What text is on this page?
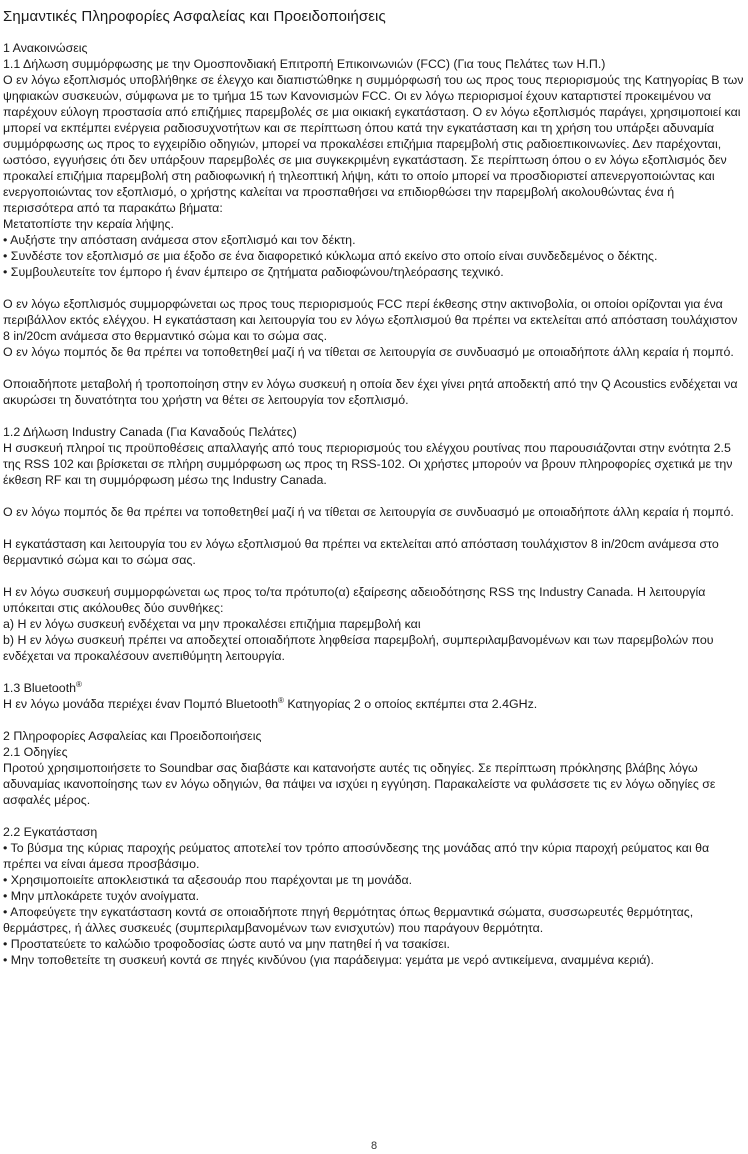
Σημαντικές Πληροφορίες Ασφαλείας και Προειδοποιήσεις
1 Ανακοινώσεις
1.1 Δήλωση συμμόρφωσης με την Ομοσπονδιακή Επιτροπή Επικοινωνιών (FCC) (Για τους Πελάτες των Η.Π.)
Ο εν λόγω εξοπλισμός υποβλήθηκε σε έλεγχο και διαπιστώθηκε η συμμόρφωσή του ως προς τους περιορισμούς της Κατηγορίας Β των ψηφιακών συσκευών, σύμφωνα με το τμήμα 15 των Κανονισμών FCC. Οι εν λόγω περιορισμοί έχουν καταρτιστεί προκειμένου να παρέχουν εύλογη προστασία από επιζήμιες παρεμβολές σε μια οικιακή εγκατάσταση. Ο εν λόγω εξοπλισμός παράγει, χρησιμοποιεί και μπορεί να εκπέμπει ενέργεια ραδιοσυχνοτήτων και σε περίπτωση όπου κατά την εγκατάσταση και τη χρήση του υπάρξει αδυναμία συμμόρφωσης ως προς το εγχειρίδιο οδηγιών, μπορεί να προκαλέσει επιζήμια παρεμβολή στις ραδιοεπικοινωνίες. Δεν παρέχονται, ωστόσο, εγγυήσεις ότι δεν υπάρξουν παρεμβολές σε μια συγκεκριμένη εγκατάσταση. Σε περίπτωση όπου ο εν λόγω εξοπλισμός δεν προκαλεί επιζήμια παρεμβολή στη ραδιοφωνική ή τηλεοπτική λήψη, κάτι το οποίο μπορεί να προσδιοριστεί απενεργοποιώντας και ενεργοποιώντας τον εξοπλισμό, ο χρήστης καλείται να προσπαθήσει να επιδιορθώσει την παρεμβολή ακολουθώντας ένα ή περισσότερα από τα παρακάτω βήματα:
Μετατοπίστε την κεραία λήψης.
• Αυξήστε την απόσταση ανάμεσα στον εξοπλισμό και τον δέκτη.
• Συνδέστε τον εξοπλισμό σε μια έξοδο σε ένα διαφορετικό κύκλωμα από εκείνο στο οποίο είναι συνδεδεμένος ο δέκτης.
• Συμβουλευτείτε τον έμπορο ή έναν έμπειρο σε ζητήματα ραδιοφώνου/τηλεόρασης τεχνικό.
Ο εν λόγω εξοπλισμός συμμορφώνεται ως προς τους περιορισμούς FCC περί έκθεσης στην ακτινοβολία, οι οποίοι ορίζονται για ένα περιβάλλον εκτός ελέγχου. Η εγκατάσταση και λειτουργία του εν λόγω εξοπλισμού θα πρέπει να εκτελείται από απόσταση τουλάχιστον 8 in/20cm ανάμεσα στο θερμαντικό σώμα και το σώμα σας.
Ο εν λόγω πομπός δε θα πρέπει να τοποθετηθεί μαζί ή να τίθεται σε λειτουργία σε συνδυασμό με οποιαδήποτε άλλη κεραία ή πομπό.
Οποιαδήποτε μεταβολή ή τροποποίηση στην εν λόγω συσκευή η οποία δεν έχει γίνει ρητά αποδεκτή από την Q Acoustics ενδέχεται να ακυρώσει τη δυνατότητα του χρήστη να θέτει σε λειτουργία τον εξοπλισμό.
1.2 Δήλωση Industry Canada (Για Καναδούς Πελάτες)
Η συσκευή πληροί τις προϋποθέσεις απαλλαγής από τους περιορισμούς του ελέγχου ρουτίνας που παρουσιάζονται στην ενότητα 2.5 της RSS 102 και βρίσκεται σε πλήρη συμμόρφωση ως προς τη RSS-102. Οι χρήστες μπορούν να βρουν πληροφορίες σχετικά με την έκθεση RF και τη συμμόρφωση μέσω της Industry Canada.
Ο εν λόγω πομπός δε θα πρέπει να τοποθετηθεί μαζί ή να τίθεται σε λειτουργία σε συνδυασμό με οποιαδήποτε άλλη κεραία ή πομπό.
Η εγκατάσταση και λειτουργία του εν λόγω εξοπλισμού θα πρέπει να εκτελείται από απόσταση τουλάχιστον 8 in/20cm ανάμεσα στο θερμαντικό σώμα και το σώμα σας.
Η εν λόγω συσκευή συμμορφώνεται ως προς το/τα πρότυπο(α) εξαίρεσης αδειοδότησης RSS της Industry Canada. Η λειτουργία υπόκειται στις ακόλουθες δύο συνθήκες:
a) Η εν λόγω συσκευή ενδέχεται να μην προκαλέσει επιζήμια παρεμβολή και
b) Η εν λόγω συσκευή πρέπει να αποδεχτεί οποιαδήποτε ληφθείσα παρεμβολή, συμπεριλαμβανομένων και των παρεμβολών που ενδέχεται να προκαλέσουν ανεπιθύμητη λειτουργία.
1.3 Bluetooth®
Η εν λόγω μονάδα περιέχει έναν Πομπό Bluetooth® Κατηγορίας 2 ο οποίος εκπέμπει στα 2.4GHz.
2 Πληροφορίες Ασφαλείας και Προειδοποιήσεις
2.1 Οδηγίες
Προτού χρησιμοποιήσετε το Soundbar σας διαβάστε και κατανοήστε αυτές τις οδηγίες. Σε περίπτωση πρόκλησης βλάβης λόγω αδυναμίας ικανοποίησης των εν λόγω οδηγιών, θα πάψει να ισχύει η εγγύηση. Παρακαλείστε να φυλάσσετε τις εν λόγω οδηγίες σε ασφαλές μέρος.
2.2 Εγκατάσταση
• Το βύσμα της κύριας παροχής ρεύματος αποτελεί τον τρόπο αποσύνδεσης της μονάδας από την κύρια παροχή ρεύματος και θα πρέπει να είναι άμεσα προσβάσιμο.
• Χρησιμοποιείτε αποκλειστικά τα αξεσουάρ που παρέχονται με τη μονάδα.
• Μην μπλοκάρετε τυχόν ανοίγματα.
• Αποφεύγετε την εγκατάσταση κοντά σε οποιαδήποτε πηγή θερμότητας όπως θερμαντικά σώματα, συσσωρευτές θερμότητας, θερμάστρες, ή άλλες συσκευές (συμπεριλαμβανομένων των ενισχυτών) που παράγουν θερμότητα.
• Προστατεύετε το καλώδιο τροφοδοσίας ώστε αυτό να μην πατηθεί ή να τσακίσει.
• Μην τοποθετείτε τη συσκευή κοντά σε πηγές κινδύνου (για παράδειγμα: γεμάτα με νερό αντικείμενα, αναμμένα κεριά).
8
